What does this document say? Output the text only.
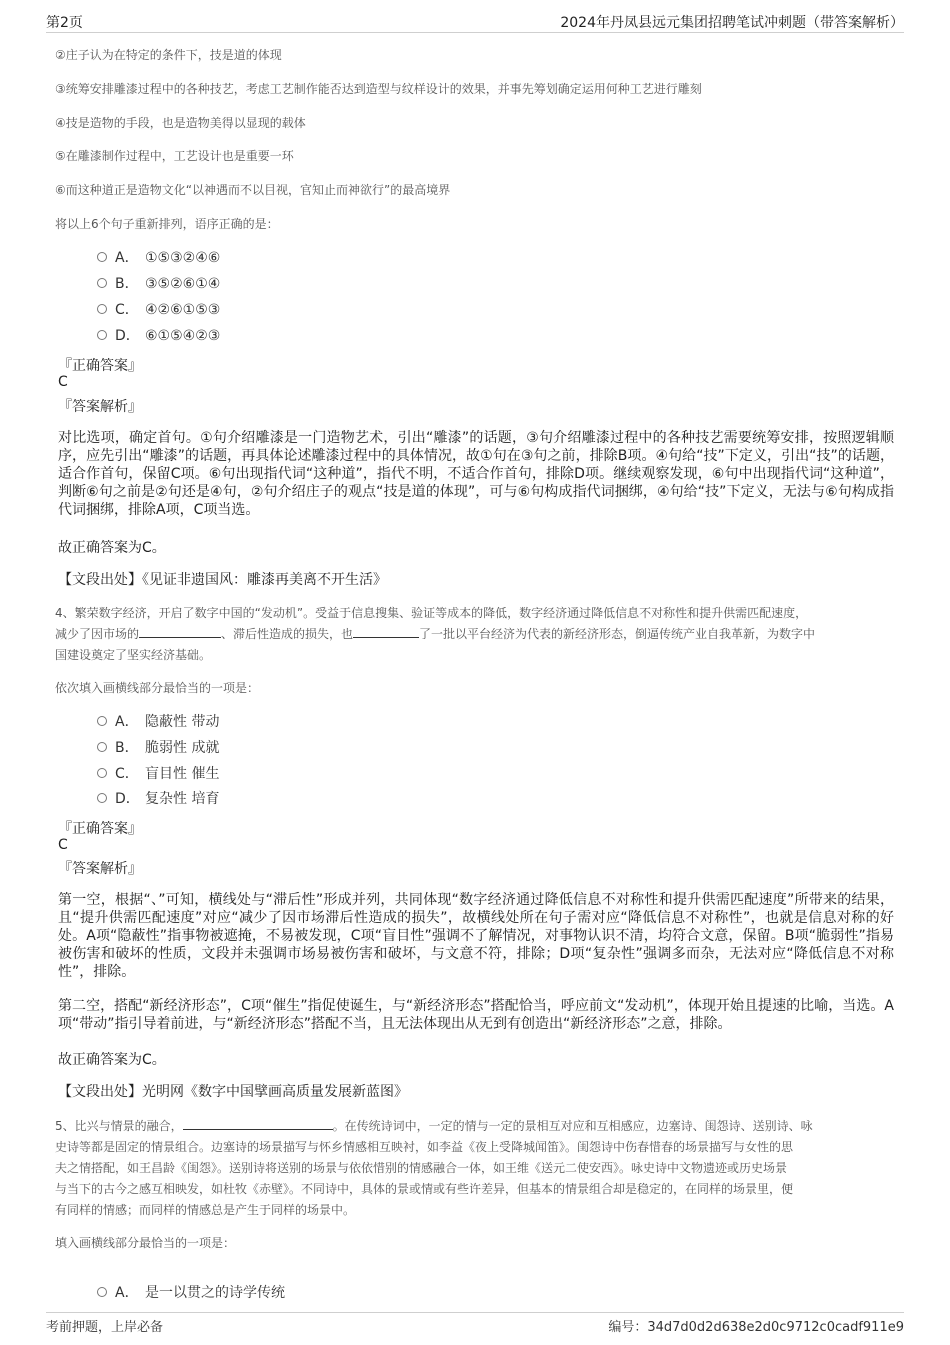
第2页	2024年丹凤县远元集团招聘笔试冲刺题（带答案解析）
②庄子认为在特定的条件下，技是道的体现
③统筹安排雕漆过程中的各种技艺，考虑工艺制作能否达到造型与纹样设计的效果，并事先筹划确定运用何种工艺进行雕刻
④技是造物的手段，也是造物美得以显现的载体
⑤在雕漆制作过程中，工艺设计也是重要一环
⑥而这种道正是造物文化“以神遇而不以目视，官知止而神欲行”的最高境界
将以上6个句子重新排列，语序正确的是：
A． ①⑤③②④⑥
B． ③⑤②⑥①④
C． ④②⑥①⑤③
D． ⑥①⑤④②③
『正确答案』
C
『答案解析』
对比选项，确定首句。①句介绍雕漆是一门造物艺术，引出“雕漆”的话题，③句介绍雕漆过程中的各种技艺需要统筹安排，按照逻辑顺序，应先引出“雕漆”的话题，再具体论述雕漆过程中的具体情况，故①句在③句之前，排除B项。④句给“技”下定义，引出“技”的话题，适合作首句，保留C项。⑥句出现指代词“这种道”，指代不明，不适合作首句，排除D项。继续观察发现，⑥句中出现指代词“这种道”，判断⑥句之前是②句还是④句，②句介绍庄子的观点“技是道的体现”，可与⑥句构成指代词捆绑，④句给“技”下定义，无法与⑥句构成指代词捆绑，排除A项，C项当选。
故正确答案为C。
【文段出处】《见证非遗国风：雕漆再美离不开生活》
4、繁荣数字经济，开启了数字中国的“发动机”。受益于信息搜集、验证等成本的降低，数字经济通过降低信息不对称性和提升供需匹配速度，
减少了因市场的	、滞后性造成的损失，也	了一批以平台经济为代表的新经济形态，倒逼传统产业自我革新，为数字中
国建设奠定了坚实经济基础。
依次填入画横线部分最恰当的一项是：
A． 隐蔽性 带动
B． 脆弱性 成就
C． 盲目性 催生
D． 复杂性 培育
『正确答案』
C
『答案解析』
第一空，根据“、”可知，横线处与“滞后性”形成并列，共同体现“数字经济通过降低信息不对称性和提升供需匹配速度”所带来的结果，且“提升供需匹配速度”对应“减少了因市场滞后性造成的损失”，故横线处所在句子需对应“降低信息不对称性”，也就是信息对称的好处。A项“隐蔽性”指事物被遮掩，不易被发现，C项“盲目性”强调不了解情况，对事物认识不清，均符合文意，保留。B项“脆弱性”指易被伤害和破坏的性质，文段并未强调市场易被伤害和破坏，与文意不符，排除；D项“复杂性”强调多而杂，无法对应“降低信息不对称性”，排除。
第二空，搭配“新经济形态”，C项“催生”指促使诞生，与“新经济形态”搭配恰当，呼应前文“发动机”，体现开始且提速的比喻，当选。A项“带动”指引导着前进，与“新经济形态”搭配不当，且无法体现出从无到有创造出“新经济形态”之意，排除。
故正确答案为C。
【文段出处】光明网《数字中国擘画高质量发展新蓝图》
5、比兴与情景的融合，	。在传统诗词中，一定的情与一定的景相互对应和互相感应，边塞诗、闺怨诗、送别诗、咏
史诗等都是固定的情景组合。边塞诗的场景描写与怀乡情感相互映衬，如李益《夜上受降城闻笛》。闺怨诗中伤春惜春的场景描写与女性的思
夫之情搭配，如王昌龄《闺怨》。送别诗将送别的场景与依依惜别的情感融合一体，如王维《送元二使安西》。咏史诗中文物遗迹或历史场景
与当下的古今之感互相映发，如杜牧《赤壁》。不同诗中，具体的景或情或有些许差异，但基本的情景组合却是稳定的，在同样的场景里，便
有同样的情感；而同样的情感总是产生于同样的场景中。
填入画横线部分最恰当的一项是：
A． 是一以贯之的诗学传统
考前押题，上岸必备	编号：34d7d0d2d638e2d0c9712c0cadf911e9
